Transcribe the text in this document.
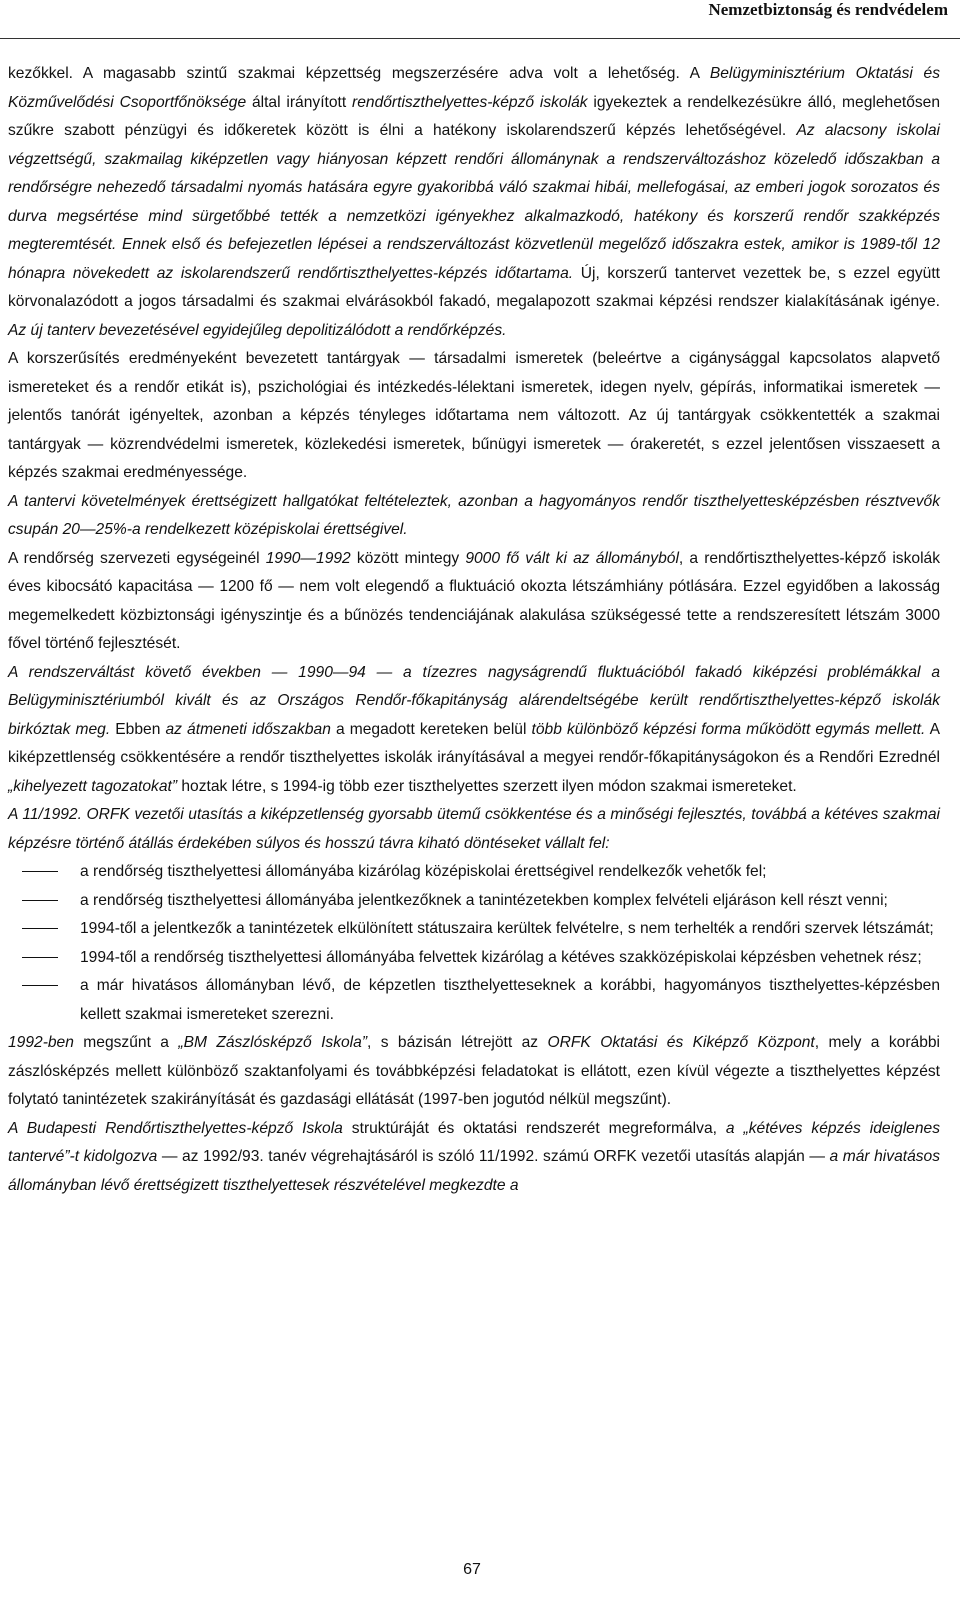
Nemzetbiztonság és rendvédelem

kezőkkel. A magasabb szintű szakmai képzettség megszerzésére adva volt a lehetőség. A Belügyminisztérium Oktatási és Közművelődési Csoportfőnöksége által irányított rendőrtiszthelyettes-képző iskolák igyekeztek a rendelkezésükre álló, meglehetősen szűkre szabott pénzügyi és időkeretek között is élni a hatékony iskolarendszerű képzés lehetőségével. Az alacsony iskolai végzettségű, szakmailag kiképzetlen vagy hiányosan képzett rendőri állománynak a rendszerváltozáshoz közeledő időszakban a rendőrségre nehezedő társadalmi nyomás hatására egyre gyakoribbá váló szakmai hibái, mellefogásai, az emberi jogok sorozatos és durva megsértése mind sürgetőbbé tették a nemzetközi igényekhez alkalmazkodó, hatékony és korszerű rendőr szakképzés megteremtését. Ennek első és befejezetlen lépései a rendszerváltozást közvetlenül megelőző időszakra estek, amikor is 1989-től 12 hónapra növekedett az iskolarendszerű rendőrtiszthelyettes-képzés időtartama. Új, korszerű tantervet vezettek be, s ezzel együtt körvonalazódott a jogos társadalmi és szakmai elvárásokból fakadó, megalapozott szakmai képzési rendszer kialakításának igénye. Az új tanterv bevezetésével egyidejűleg depolitizálódott a rendőrképzés.

A korszerűsítés eredményeként bevezetett tantárgyak — társadalmi ismeretek (beleértve a cigánysággal kapcsolatos alapvető ismereteket és a rendőr etikát is), pszichológiai és intézkedés-lélektani ismeretek, idegen nyelv, gépírás, informatikai ismeretek — jelentős tanórát igényeltek, azonban a képzés tényleges időtartama nem változott. Az új tantárgyak csökkentették a szakmai tantárgyak — közrendvédelmi ismeretek, közlekedési ismeretek, bűnügyi ismeretek — órakeretét, s ezzel jelentősen visszaesett a képzés szakmai eredményessége.

A tantervi követelmények érettségizett hallgatókat feltételeztek, azonban a hagyományos rendőr tiszthelyettesképzésben résztvevők csupán 20—25%-a rendelkezett középiskolai érettségivel.

A rendőrség szervezeti egységeinél 1990—1992 között mintegy 9000 fő vált ki az állományból, a rendőrtiszthelyettes-képző iskolák éves kibocsátó kapacitása — 1200 fő — nem volt elegendő a fluktuáció okozta létszámhiány pótlására. Ezzel egyidőben a lakosság megemelkedett közbiztonsági igényszintje és a bűnözés tendenciájának alakulása szükségessé tette a rendszeresített létszám 3000 fővel történő fejlesztését.

A rendszerváltást követő években — 1990—94 — a tízezres nagyságrendű fluktuációból fakadó kiképzési problémákkal a Belügyminisztériumból kivált és az Országos Rendőr-főkapitányság alárendeltségébe került rendőrtiszthelyettes-képző iskolák birkóztak meg. Ebben az átmeneti időszakban a megadott kereteken belül több különböző képzési forma működött egymás mellett. A kiképzettlenség csökkentésére a rendőr tiszthelyettes iskolák irányításával a megyei rendőr-főkapitányságokon és a Rendőri Ezrednél „kihelyezett tagozatokat” hoztak létre, s 1994-ig több ezer tiszthelyettes szerzett ilyen módon szakmai ismereteket.

A 11/1992. ORFK vezetői utasítás a kiképzetlenség gyorsabb ütemű csökkentése és a minőségi fejlesztés, továbbá a kétéves szakmai képzésre történő átállás érdekében súlyos és hosszú távra kiható döntéseket vállalt fel:

a rendőrség tiszthelyettesi állományába kizárólag középiskolai érettségivel rendelkezők vehetők fel;
a rendőrség tiszthelyettesi állományába jelentkezőknek a tanintézetekben komplex felvételi eljáráson kell részt venni;
1994-től a jelentkezők a tanintézetek elkülönített státuszaira kerültek felvételre, s nem terhelték a rendőri szervek létszámát;
1994-től a rendőrség tiszthelyettesi állományába felvettek kizárólag a kétéves szakközépiskolai képzésben vehetnek rész;
a már hivatásos állományban lévő, de képzetlen tiszthelyetteseknek a korábbi, hagyományos tiszthelyettes-képzésben kellett szakmai ismereteket szerezni.

1992-ben megszűnt a „BM Zászlósképző Iskola”, s bázisán létrejött az ORFK Oktatási és Kiképző Központ, mely a korábbi zászlósképzés mellett különböző szaktanfolyami és továbbképzési feladatokat is ellátott, ezen kívül végezte a tiszthelyettes képzést folytató tanintézetek szakirányítását és gazdasági ellátását (1997-ben jogutód nélkül megszűnt).

A Budapesti Rendőrtiszthelyettes-képző Iskola struktúráját és oktatási rendszerét megreformálva, a „kétéves képzés ideiglenes tantervé”-t kidolgozva — az 1992/93. tanév végrehajtásáról is szóló 11/1992. számú ORFK vezetői utasítás alapján — a már hivatásos állományban lévő érettségizett tiszthelyettesek részvételével megkezdte a

67
